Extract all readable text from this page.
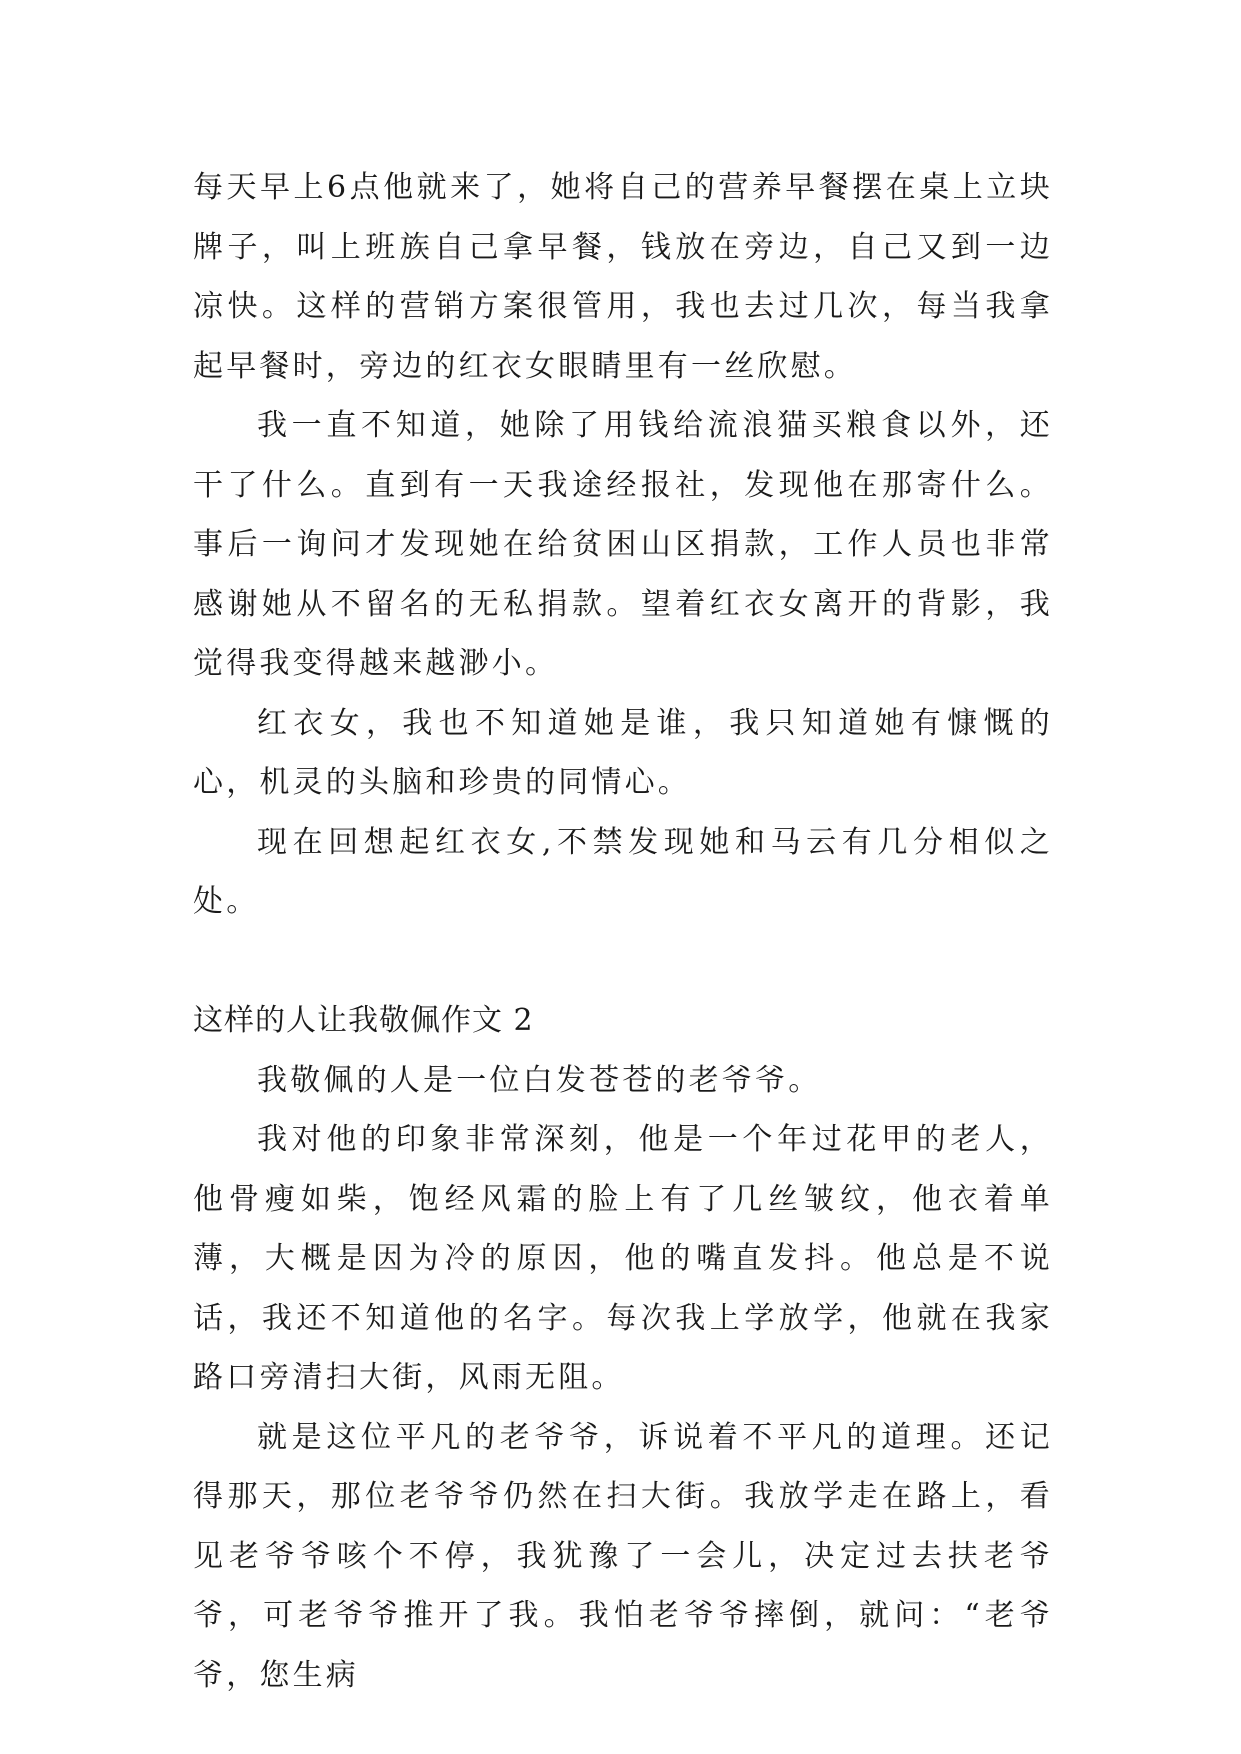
每天早上6点他就来了，她将自己的营养早餐摆在桌上立块牌子，叫上班族自己拿早餐，钱放在旁边，自己又到一边凉快。这样的营销方案很管用，我也去过几次，每当我拿起早餐时，旁边的红衣女眼睛里有一丝欣慰。

我一直不知道，她除了用钱给流浪猫买粮食以外，还干了什么。直到有一天我途经报社，发现他在那寄什么。事后一询问才发现她在给贫困山区捐款，工作人员也非常感谢她从不留名的无私捐款。望着红衣女离开的背影，我觉得我变得越来越渺小。

红衣女，我也不知道她是谁，我只知道她有慷慨的心，机灵的头脑和珍贵的同情心。

现在回想起红衣女,不禁发现她和马云有几分相似之处。

这样的人让我敬佩作文 2

我敬佩的人是一位白发苍苍的老爷爷。

我对他的印象非常深刻，他是一个年过花甲的老人，他骨瘦如柴，饱经风霜的脸上有了几丝皱纹，他衣着单薄，大概是因为冷的原因，他的嘴直发抖。他总是不说话，我还不知道他的名字。每次我上学放学，他就在我家路口旁清扫大街，风雨无阻。

就是这位平凡的老爷爷，诉说着不平凡的道理。还记得那天，那位老爷爷仍然在扫大街。我放学走在路上，看见老爷爷咳个不停，我犹豫了一会儿，决定过去扶老爷爷，可老爷爷推开了我。我怕老爷爷摔倒，就问：“老爷爷，您生病
